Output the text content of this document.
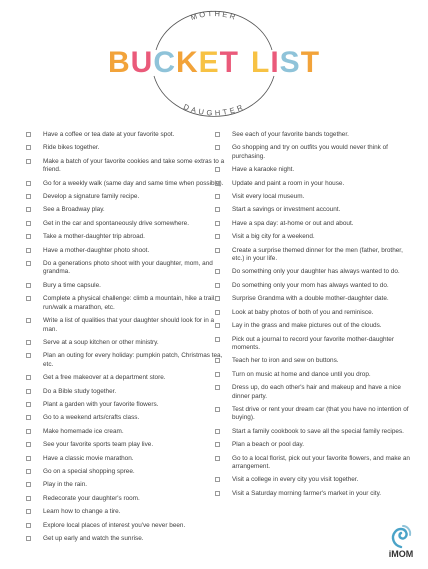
MOTHER
DAUGHTER
BUCKET LIST
Have a coffee or tea date at your favorite spot.
Ride bikes together.
Make a batch of your favorite cookies and take some extras to a friend.
Go for a weekly walk (same day and same time when possible).
Develop a signature family recipe.
See a Broadway play.
Get in the car and spontaneously drive somewhere.
Take a mother-daughter trip abroad.
Have a mother-daughter photo shoot.
Do a generations photo shoot with your daughter, mom, and grandma.
Bury a time capsule.
Complete a physical challenge: climb a mountain, hike a trail, run/walk a marathon, etc.
Write a list of qualities that your daughter should look for in a man.
Serve at a soup kitchen or other ministry.
Plan an outing for every holiday: pumpkin patch, Christmas tea, etc.
Get a free makeover at a department store.
Do a Bible study together.
Plant a garden with your favorite flowers.
Go to a weekend arts/crafts class.
Make homemade ice cream.
See your favorite sports team play live.
Have a classic movie marathon.
Go on a special shopping spree.
Play in the rain.
Redecorate your daughter's room.
Learn how to change a tire.
Explore local places of interest you've never been.
Get up early and watch the sunrise.
See each of your favorite bands together.
Go shopping and try on outfits you would never think of purchasing.
Have a karaoke night.
Update and paint a room in your house.
Visit every local museum.
Start a savings or investment account.
Have a spa day: at-home or out and about.
Visit a big city for a weekend.
Create a surprise themed dinner for the men (father, brother, etc.) in your life.
Do something only your daughter has always wanted to do.
Do something only your mom has always wanted to do.
Surprise Grandma with a double mother-daughter date.
Look at baby photos of both of you and reminisce.
Lay in the grass and make pictures out of the clouds.
Pick out a journal to record your favorite mother-daughter moments.
Teach her to iron and sew on buttons.
Turn on music at home and dance until you drop.
Dress up, do each other's hair and makeup and have a nice dinner party.
Test drive or rent your dream car (that you have no intention of buying).
Start a family cookbook to save all the special family recipes.
Plan a beach or pool day.
Go to a local florist, pick out your favorite flowers, and make an arrangement.
Visit a college in every city you visit together.
Visit a Saturday morning farmer's market in your city.
iMOM
